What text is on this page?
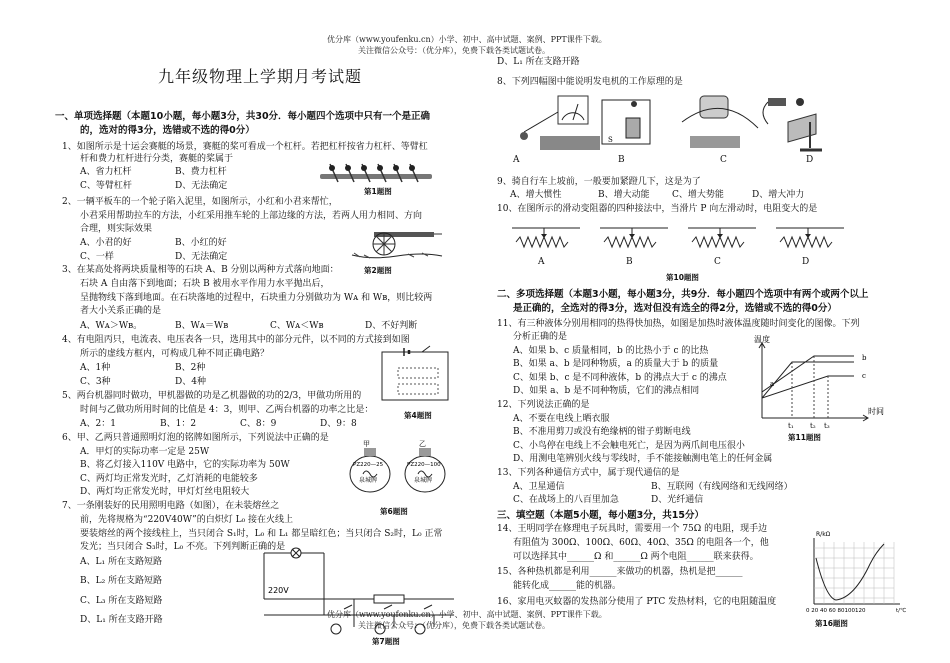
优分库（www.youfenku.cn）小学、初中、高中试题、案例、PPT课件下载。
关注微信公众号：（优分库），免费下载各类试题试卷。
九年级物理上学期月考试题
一、单项选择题（本题10小题，每小题3分，共30分．每小题四个选项中只有一个是正确
的，选对的得3分，选错或不选的得0分）
1、如图所示是十运会赛艇的场景，赛艇的桨可看成一个杠杆。若把杠杆按省力杠杆、等臂杠
杆和费力杠杆进行分类，赛艇的桨属于
A、省力杠杆	B、费力杠杆
C、等臂杠杆	D、无法确定
第1题图
2、一辆平板车的一个轮子陷入泥里，如图所示，小红和小君来帮忙，
小君采用帮助拉车的方法，小红采用推车轮的上部边缘的方法，若两人用力相同、方向
合理，则实际效果
A、小君的好	B、小红的好
C、一样	D、无法确定
第2题图
3、在某高处将两块质量相等的石块 A、B 分别以两种方式落向地面：
石块 A 自由落下到地面；石块 B 被用水平作用力水平抛出后，
呈抛物线下落到地面。在石块落地的过程中，石块重力分别做功为 Wᴀ 和 Wʙ，则比较两
者大小关系正确的是
A、Wᴀ＞Wʙ。	B、Wᴀ＝Wʙ	C、Wᴀ＜Wʙ	D、不好判断
4、有电阻丙只，电流表、电压表各一只，选用其中的部分元件，以不同的方式接到如图
所示的虚线方框内，可构成几种不同正确电路？
A、1种	B、2种
C、3种	D、4种
第4题图
5、两台机器同时做功，甲机器做的功是乙机器做的功的2/3，甲做功所用的
时间与乙做功所用时间的比值是 4：3，则甲、乙两台机器的功率之比是：
A、2：1	B、1：2	C、8：9	D、9：8
6、甲、乙两只普通照明灯泡的铭牌如图所示，下列说法中正确的是
A．甲灯的实际功率一定是 25W
B、将乙灯接入110V 电路中，它的实际功率为 50W
C、两灯均正常发光时，乙灯消耗的电能较多
D、两灯均正常发光时，甲灯灯丝电阻较大
甲	乙
PZ220—25	PZ220—100
泉城牌	泉城牌
第6题图
7、一条刚装好的民用照明电路（如图），在未装熔丝之
前，先将规格为“220V40W”的白炽灯 L₀ 接在火线上
要装熔丝的两个接线柱上，当只闭合 S₁时，L₀ 和 L₁ 都呈暗红色；当只闭合 S₂时，L₀ 正常
发光；当只闭合 S₃时，L₀ 不亮。下列判断正确的是
A、L₁ 所在支路短路
B、L₂ 所在支路短路
C、L₃ 所在支路短路
D、L₁ 所在支路开路
220V
第7题图
D、L₁ 所在支路开路
8、下列四幅图中能说明发电机的工作原理的是
S
A	B	C	D
9、骑自行车上坡前，一般要加紧蹬几下，这是为了
A、增大惯性	B、增大动能 C、增大势能	D、增大冲力
10、在图所示的滑动变阻器的四种接法中，当滑片 P 向左滑动时，电阻变大的是
A	B	C	D
第10题图
二、多项选择题（本题3小题，每小题3分，共9分．每小题四个选项中有两个或两个以上
是正确的，全选对的得3分，选对但没有选全的得2分，选错或不选的得0分）
11、有三种液体分别用相同的热得快加热，如图是加热时液体温度随时间变化的图像。下列
分析正确的是
A、如果 b、c 质量相同，b 的比热小于 c 的比热
B、如果 a、b 是同种物质，a 的质量大于 b 的质量
C、如果 b、c 是不同种液体，b 的沸点大于 c 的沸点
D、如果 a、b 是不同种物质，它们的沸点相同
温度
时间
a
b
c
t₁ t₂ t₃
第11题图
12、下列说法正确的是
A、不要在电线上晒衣服
B、不准用剪刀或没有绝缘柄的钳子剪断电线
C、小鸟停在电线上不会触电死亡，是因为两爪间电压很小
D、用测电笔辨别火线与零线时，手不能接触测电笔上的任何金属
13、下列各种通信方式中，属于现代通信的是
A、卫星通信	B、互联网（有线网络和无线网络）
C、在战场上的八百里加急	D、光纤通信
三、填空题（本题5小题，每小题3分，共15分）
14、王明同学在修理电子玩具时，需要用一个 75Ω 的电阻，现手边
有阻值为 300Ω、100Ω、60Ω、40Ω、35Ω 的电阻各一个，他
可以选择其中______Ω 和______Ω 两个电阻______联来获得。
15、各种热机都是利用______来做功的机器，热机是把______
能转化成______能的机器。
16、家用电灭蚊器的发热部分使用了 PTC 发热材料，它的电阻随温度
R/kΩ
0 20 40 60 80100120	t/℃
第16题图
优分库（www.youfenku.cn）小学、初中、高中试题、案例、PPT课件下载。
关注微信公众号：（优分库），免费下载各类试题试卷。
